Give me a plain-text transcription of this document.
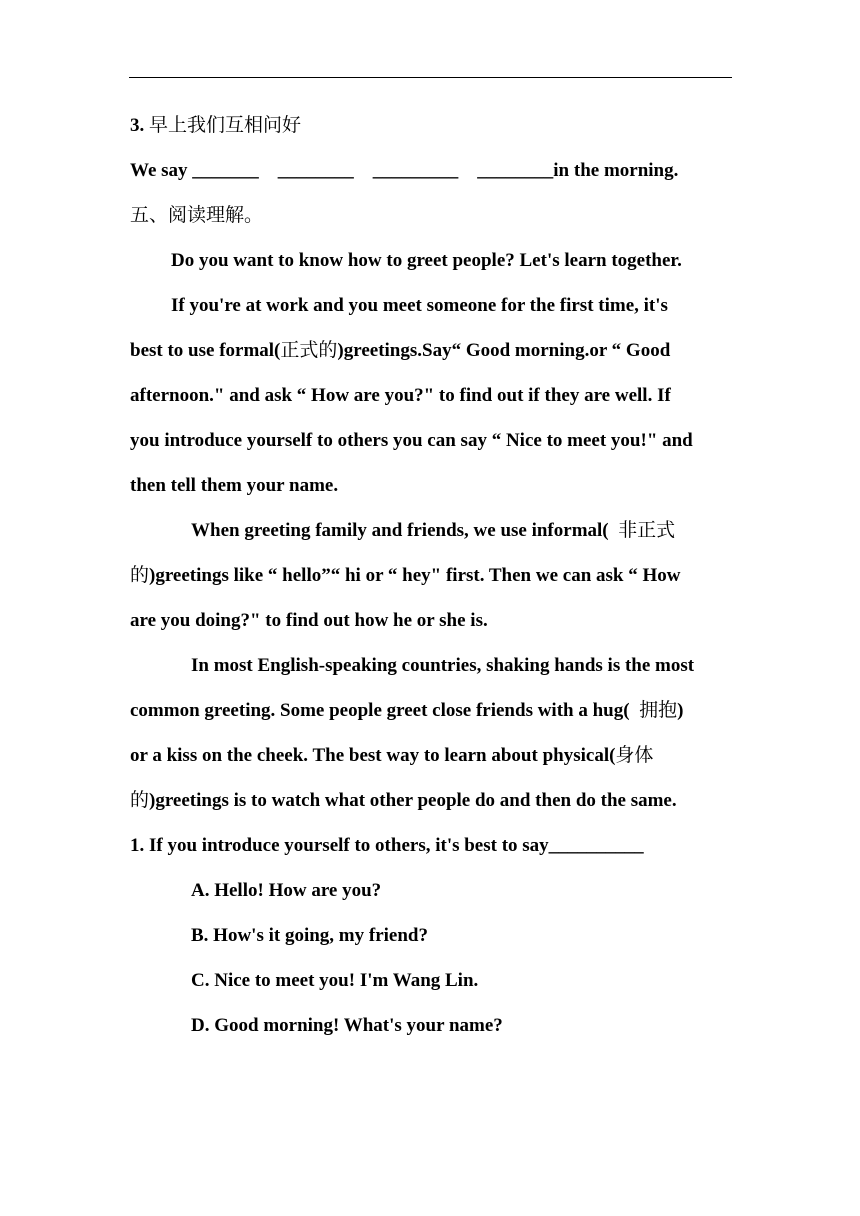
3. 早上我们互相问好
We say _______ ________ _________ ________in the morning.
五、阅读理解。
Do you want to know how to greet people? Let's learn together.
If you're at work and you meet someone for the first time, it's
best to use formal(正式的)greetings.Say“ Good morning.or “ Good
afternoon." and ask “ How are you?" to find out if they are well. If
you introduce yourself to others you can say “ Nice to meet you!" and
then tell them your name.
When greeting family and friends, we use informal( 非正式
的)greetings like “ hello”“ hi or “ hey" first. Then we can ask “ How
are you doing?" to find out how he or she is.
In most English-speaking countries, shaking hands is the most
common greeting. Some people greet close friends with a hug( 拥抱)
or a kiss on the cheek. The best way to learn about physical(身体
的)greetings is to watch what other people do and then do the same.
1. If you introduce yourself to others, it's best to say__________
A. Hello! How are you?
B. How's it going, my friend?
C. Nice to meet you! I'm Wang Lin.
D. Good morning! What's your name?
